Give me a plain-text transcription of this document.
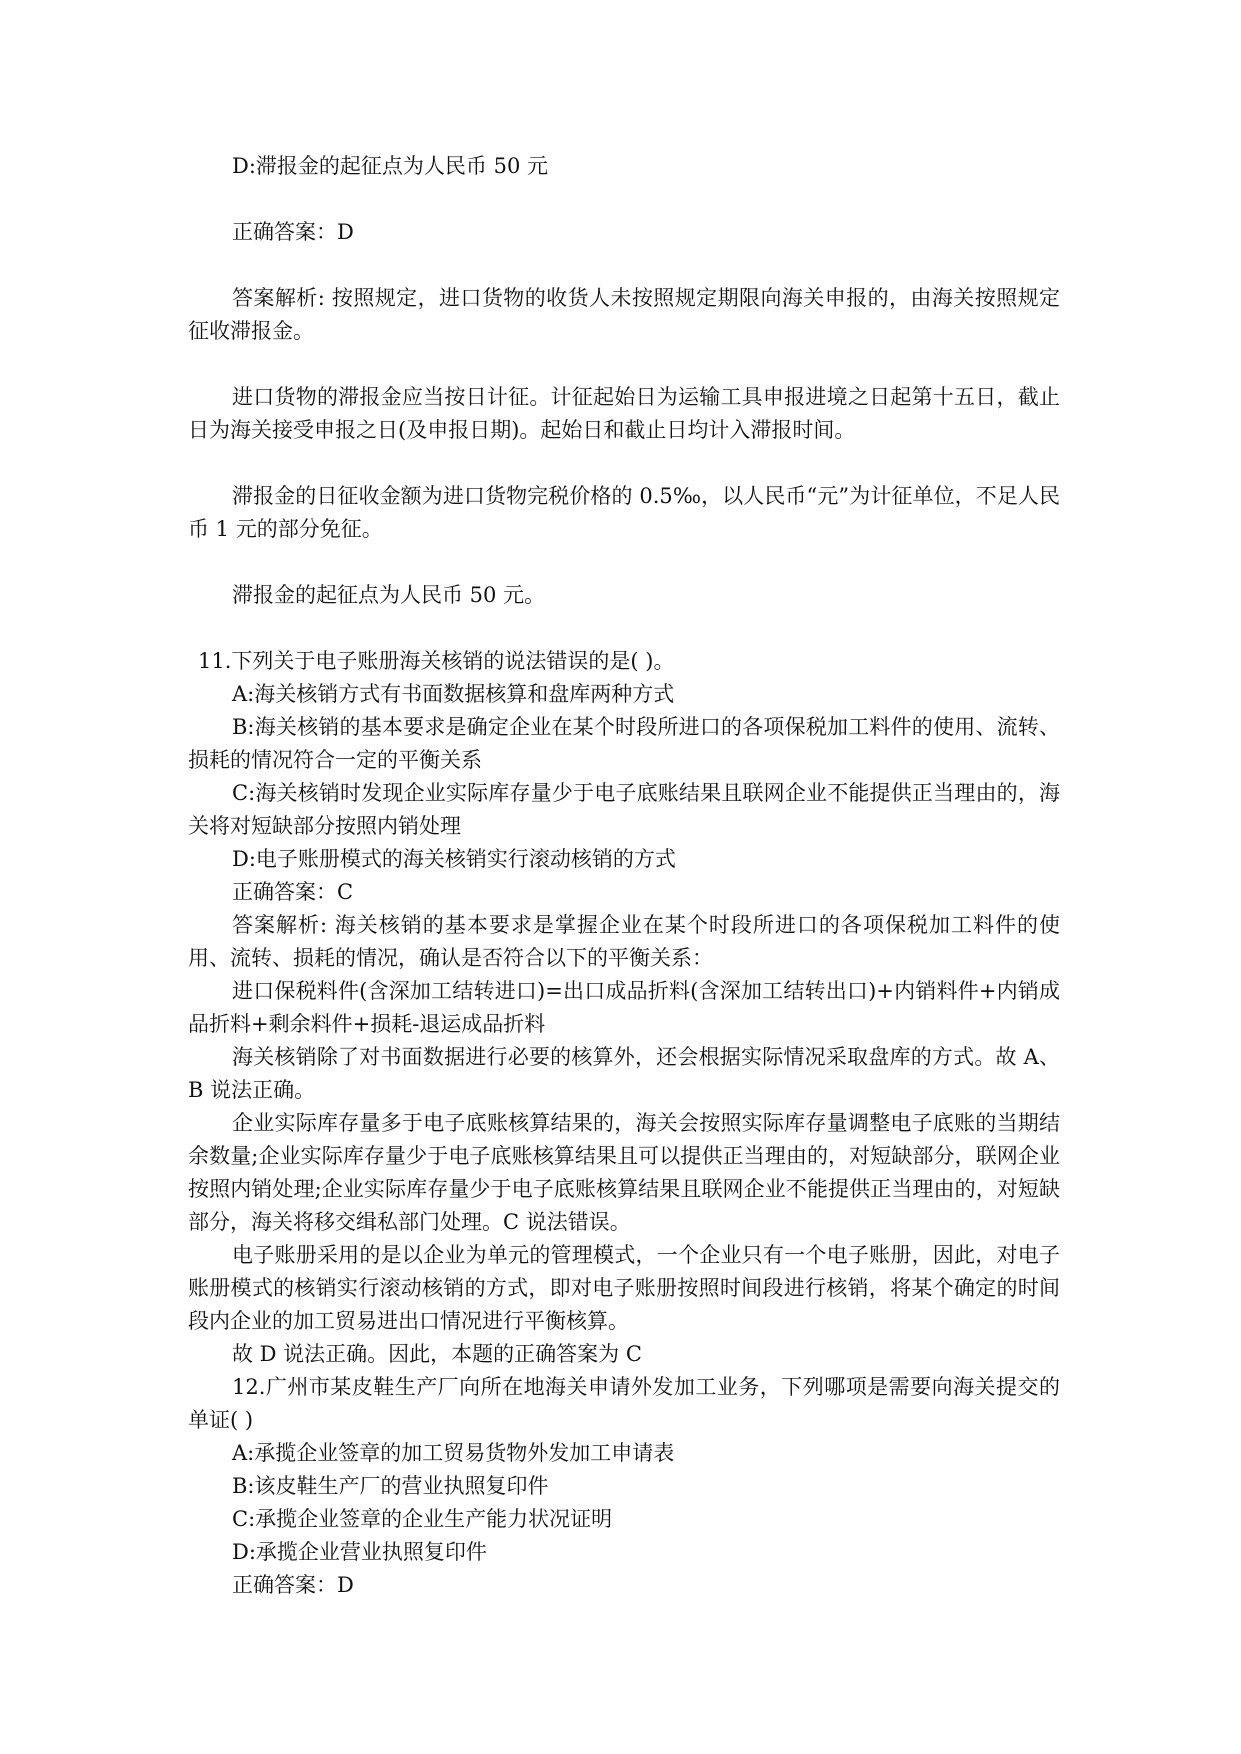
D:滞报金的起征点为人民币 50 元

正确答案：D

答案解析: 按照规定，进口货物的收货人未按照规定期限向海关申报的，由海关按照规定征收滞报金。

进口货物的滞报金应当按日计征。计征起始日为运输工具申报进境之日起第十五日，截止日为海关接受申报之日(及申报日期)。起始日和截止日均计入滞报时间。

滞报金的日征收金额为进口货物完税价格的 0.5‰，以人民币“元”为计征单位，不足人民币 1 元的部分免征。

滞报金的起征点为人民币 50 元。

11.下列关于电子账册海关核销的说法错误的是( )。

A:海关核销方式有书面数据核算和盘库两种方式

B:海关核销的基本要求是确定企业在某个时段所进口的各项保税加工料件的使用、流转、损耗的情况符合一定的平衡关系

C:海关核销时发现企业实际库存量少于电子底账结果且联网企业不能提供正当理由的，海关将对短缺部分按照内销处理

D:电子账册模式的海关核销实行滚动核销的方式

正确答案：C

答案解析: 海关核销的基本要求是掌握企业在某个时段所进口的各项保税加工料件的使用、流转、损耗的情况，确认是否符合以下的平衡关系：

进口保税料件(含深加工结转进口)=出口成品折料(含深加工结转出口)+内销料件+内销成品折料+剩余料件+损耗-退运成品折料

海关核销除了对书面数据进行必要的核算外，还会根据实际情况采取盘库的方式。故 A、B 说法正确。

企业实际库存量多于电子底账核算结果的，海关会按照实际库存量调整电子底账的当期结余数量;企业实际库存量少于电子底账核算结果且可以提供正当理由的，对短缺部分，联网企业按照内销处理;企业实际库存量少于电子底账核算结果且联网企业不能提供正当理由的，对短缺部分，海关将移交缉私部门处理。C 说法错误。

电子账册采用的是以企业为单元的管理模式，一个企业只有一个电子账册，因此，对电子账册模式的核销实行滚动核销的方式，即对电子账册按照时间段进行核销，将某个确定的时间段内企业的加工贸易进出口情况进行平衡核算。

故 D 说法正确。因此，本题的正确答案为 C

12.广州市某皮鞋生产厂向所在地海关申请外发加工业务，下列哪项是需要向海关提交的单证( )

A:承揽企业签章的加工贸易货物外发加工申请表

B:该皮鞋生产厂的营业执照复印件

C:承揽企业签章的企业生产能力状况证明

D:承揽企业营业执照复印件

正确答案：D
